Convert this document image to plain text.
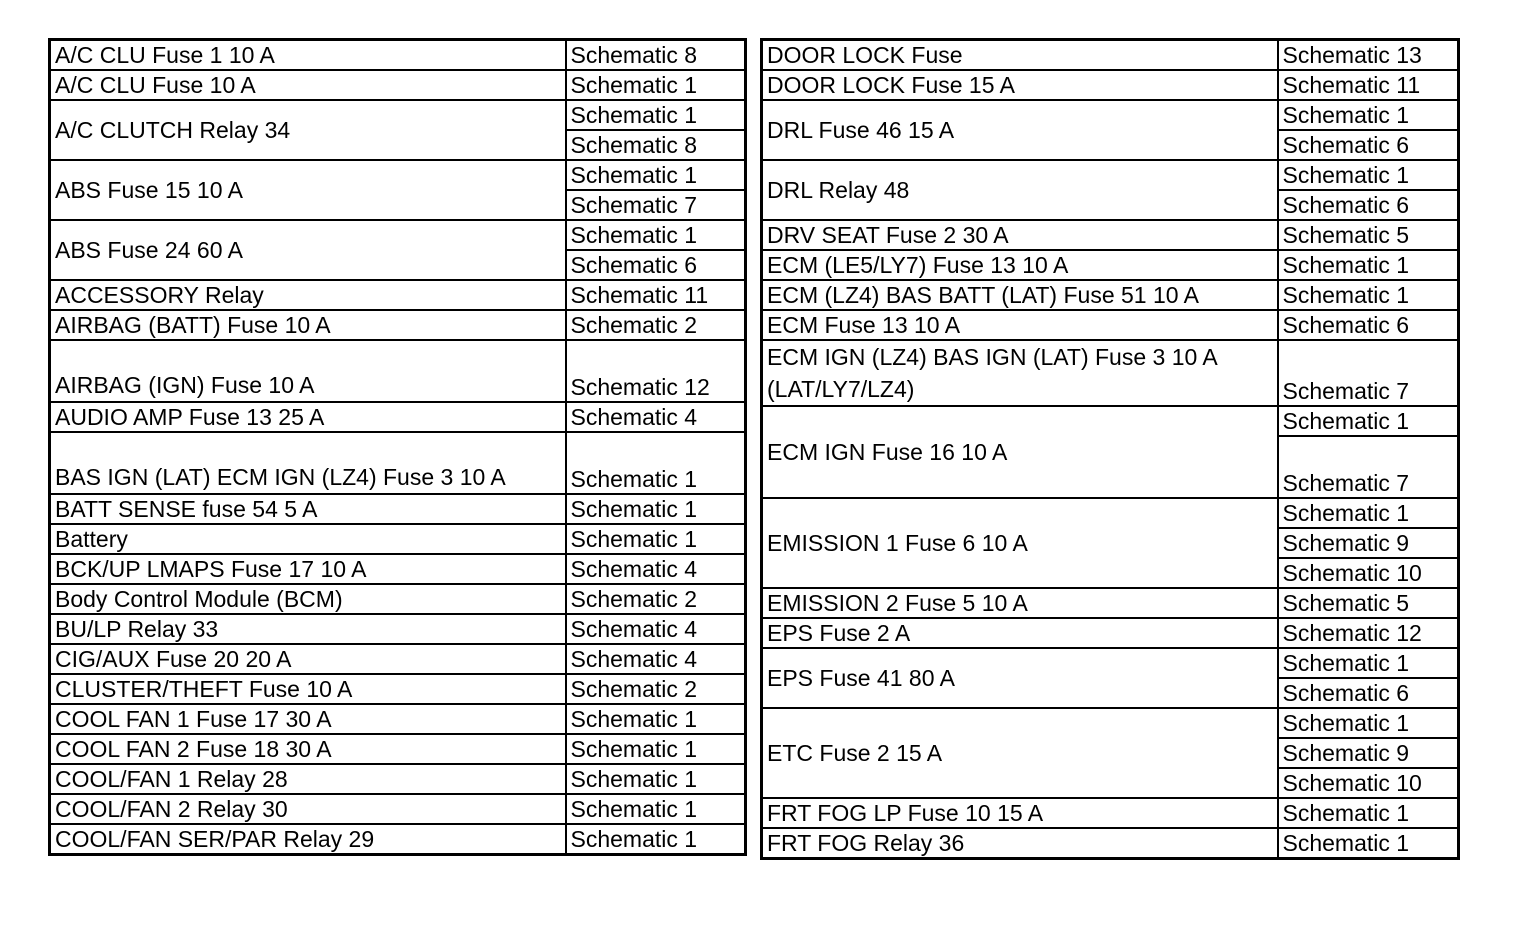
A/C CLU Fuse 1 10 A	Schematic 8
A/C CLU Fuse 10 A	Schematic 1
A/C CLUTCH Relay 34	Schematic 1
	Schematic 8
ABS Fuse 15 10 A	Schematic 1
	Schematic 7
ABS Fuse 24 60 A	Schematic 1
	Schematic 6
ACCESSORY Relay	Schematic 11
AIRBAG (BATT) Fuse 10 A	Schematic 2
AIRBAG (IGN) Fuse 10 A	Schematic 12
AUDIO AMP Fuse 13 25 A	Schematic 4
BAS IGN (LAT) ECM IGN (LZ4) Fuse 3 10 A	Schematic 1
BATT SENSE fuse 54 5 A	Schematic 1
Battery	Schematic 1
BCK/UP LMAPS Fuse 17 10 A	Schematic 4
Body Control Module (BCM)	Schematic 2
BU/LP Relay 33	Schematic 4
CIG/AUX Fuse 20 20 A	Schematic 4
CLUSTER/THEFT Fuse 10 A	Schematic 2
COOL FAN 1 Fuse 17 30 A	Schematic 1
COOL FAN 2 Fuse 18 30 A	Schematic 1
COOL/FAN 1 Relay 28	Schematic 1
COOL/FAN 2 Relay 30	Schematic 1
COOL/FAN SER/PAR Relay 29	Schematic 1
DOOR LOCK Fuse	Schematic 13
DOOR LOCK Fuse 15 A	Schematic 11
DRL Fuse 46 15 A	Schematic 1
	Schematic 6
DRL Relay 48	Schematic 1
	Schematic 6
DRV SEAT Fuse 2 30 A	Schematic 5
ECM (LE5/LY7) Fuse 13 10 A	Schematic 1
ECM (LZ4) BAS BATT (LAT) Fuse 51 10 A	Schematic 1
ECM Fuse 13 10 A	Schematic 6
ECM IGN (LZ4) BAS IGN (LAT) Fuse 3 10 A (LAT/LY7/LZ4)	Schematic 7
ECM IGN Fuse 16 10 A	Schematic 1
	Schematic 7
EMISSION 1 Fuse 6 10 A	Schematic 1
	Schematic 9
	Schematic 10
EMISSION 2 Fuse 5 10 A	Schematic 5
EPS Fuse 2 A	Schematic 12
EPS Fuse 41 80 A	Schematic 1
	Schematic 6
ETC Fuse 2 15 A	Schematic 1
	Schematic 9
	Schematic 10
FRT FOG LP Fuse 10 15 A	Schematic 1
FRT FOG Relay 36	Schematic 1
